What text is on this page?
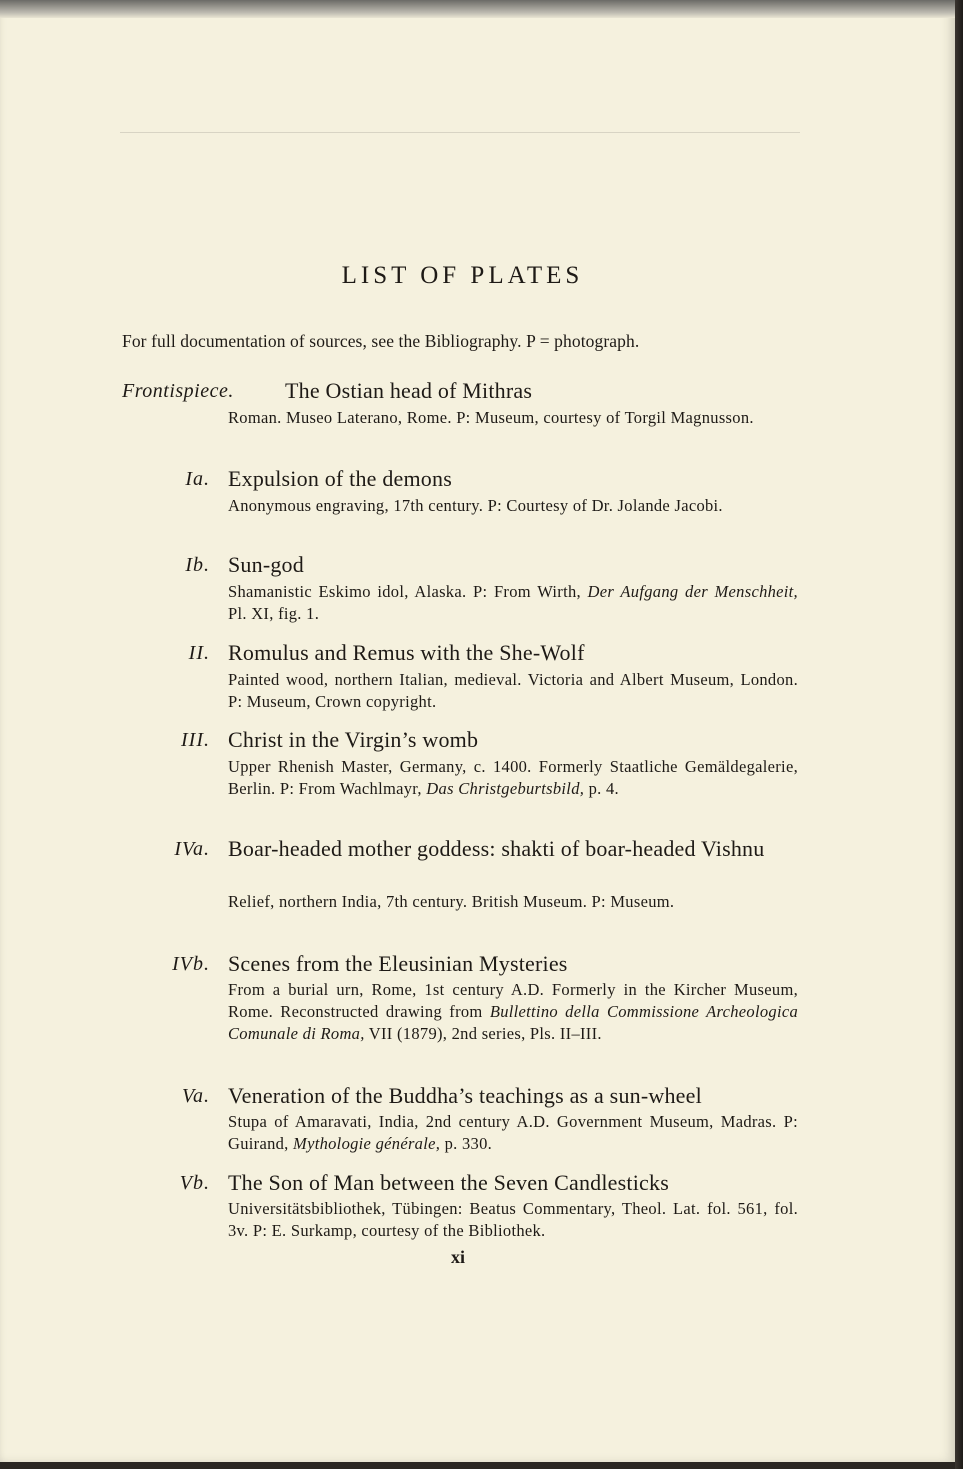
LIST OF PLATES
For full documentation of sources, see the Bibliography. P = photograph.
Frontispiece. The Ostian head of Mithras
Roman. Museo Laterano, Rome. P: Museum, courtesy of Torgil Magnusson.
Ia. Expulsion of the demons
Anonymous engraving, 17th century. P: Courtesy of Dr. Jolande Jacobi.
Ib. Sun-god
Shamanistic Eskimo idol, Alaska. P: From Wirth, Der Aufgang der Menschheit, Pl. XI, fig. 1.
II. Romulus and Remus with the She-Wolf
Painted wood, northern Italian, medieval. Victoria and Albert Museum, London. P: Museum, Crown copyright.
III. Christ in the Virgin’s womb
Upper Rhenish Master, Germany, c. 1400. Formerly Staatliche Gemäldegalerie, Berlin. P: From Wachlmayr, Das Christgeburtsbild, p. 4.
IVa. Boar-headed mother goddess: shakti of boar-headed Vishnu
Relief, northern India, 7th century. British Museum. P: Museum.
IVb. Scenes from the Eleusinian Mysteries
From a burial urn, Rome, 1st century A.D. Formerly in the Kircher Museum, Rome. Reconstructed drawing from Bullettino della Commissione Archeologica Comunale di Roma, VII (1879), 2nd series, Pls. II–III.
Va. Veneration of the Buddha’s teachings as a sun-wheel
Stupa of Amaravati, India, 2nd century A.D. Government Museum, Madras. P: Guirand, Mythologie générale, p. 330.
Vb. The Son of Man between the Seven Candlesticks
Universitätsbibliothek, Tübingen: Beatus Commentary, Theol. Lat. fol. 561, fol. 3v. P: E. Surkamp, courtesy of the Bibliothek.
xi
